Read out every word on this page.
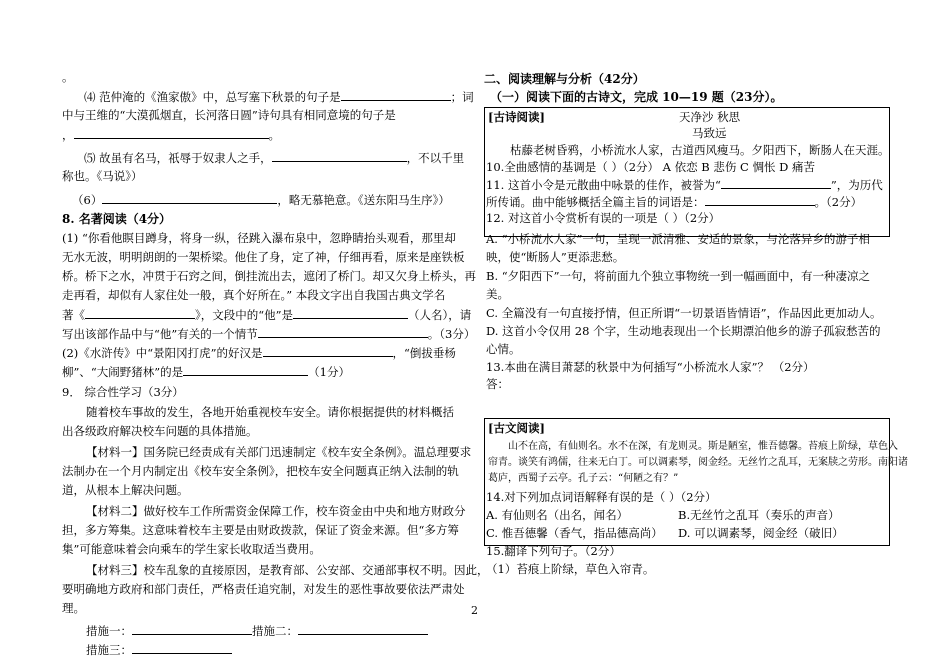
。
⑷ 范仲淹的《渔家傲》中，总写塞下秋景的句子是	；词
中与王维的“大漠孤烟直，长河落日圆”诗句具有相同意境的句子是
，	。
⑸ 故虽有名马，祇辱于奴隶人之手，	，不以千里
称也。《马说》）
（6）	，略无慕艳意。《送东阳马生序》）
8. 名著阅读（4分）
(1) “你看他瞑目蹲身，将身一纵，径跳入瀑布泉中，忽睁睛抬头观看，那里却
无水无波，明明朗朗的一架桥梁。他住了身，定了神，仔细再看，原来是座铁板
桥。桥下之水，冲贯于石窍之间，倒挂流出去，遮闭了桥门。却又欠身上桥头，再
走再看，却似有人家住处一般，真个好所在。” 本段文字出自我国古典文学名
著《	》，文段中的“他”是	（人名），请
写出该部作品中与“他”有关的一个情节	。（3分）
(2)《水浒传》中“景阳冈打虎”的好汉是	，“倒拔垂杨
柳”、“大闹野猪林”的是	（1分）
9． 综合性学习（3分）
随着校车事故的发生，各地开始重视校车安全。请你根据提供的材料概括
出各级政府解决校车问题的具体措施。
【材料一】国务院已经责成有关部门迅速制定《校车安全条例》。温总理要求
法制办在一个月内制定出《校车安全条例》，把校车安全问题真正纳入法制的轨
道，从根本上解决问题。
【材料二】做好校车工作所需资金保障工作，校车资金由中央和地方财政分
担，多方筹集。这意味着校车主要是由财政拨款，保证了资金来源。但“多方筹
集”可能意味着会向乘车的学生家长收取适当费用。
【材料三】校车乱象的直接原因，是教育部、公安部、交通部事权不明。因此，
要明确地方政府和部门责任，严格责任追究制，对发生的恶性事故要依法严肃处
理。
措施一：	措施二：
措施三：
二、阅读理解与分析（42分）
（一）阅读下面的古诗文，完成 10—19 题（23分）。
[古诗阅读]	天净沙 秋思
马致远
枯藤老树昏鸦，小桥流水人家，古道西风瘦马。夕阳西下，断肠人在天涯。
10.全曲感情的基调是（ ）（2分） A 依恋 B 悲伤 C 惆怅 D 痛苦
11. 这首小令是元散曲中咏景的佳作，被誉为“	”，为历代
所传诵。曲中能够概括全篇主旨的词语是：	。（2分）
12. 对这首小令赏析有误的一项是（ ）（2分）
A. “小桥流水人家”一句，呈现一派清雅、安适的景象，与沦落异乡的游子相
映，使“断肠人”更添悲愁。
B. “夕阳西下”一句，将前面九个独立事物统一到一幅画面中，有一种凄凉之
美。
C. 全篇没有一句直接抒情，但正所谓“一切景语皆情语”，作品因此更加动人。
D. 这首小令仅用 28 个字，生动地表现出一个长期漂泊他乡的游子孤寂愁苦的
心情。
13.本曲在满目萧瑟的秋景中为何插写“小桥流水人家”？ （2分）
答：
[古文阅读]
山不在高，有仙则名。水不在深，有龙则灵。斯是陋室，惟吾德馨。苔痕上阶绿，草色入
帘青。谈笑有鸿儒，往来无白丁。可以调素琴，阅金经。无丝竹之乱耳，无案牍之劳形。南阳诸
葛庐，西蜀子云亭。孔子云：“何陋之有？”
14.对下列加点词语解释有误的是（ ）（2分）
A. 有仙则名（出名，闻名）	B.无丝竹之乱耳（奏乐的声音）
C. 惟吾德馨（香气，指品德高尚） D. 可以调素琴，阅金经（破旧）
15.翻译下列句子。（2分）
（1）苔痕上阶绿，草色入帘青。
2
